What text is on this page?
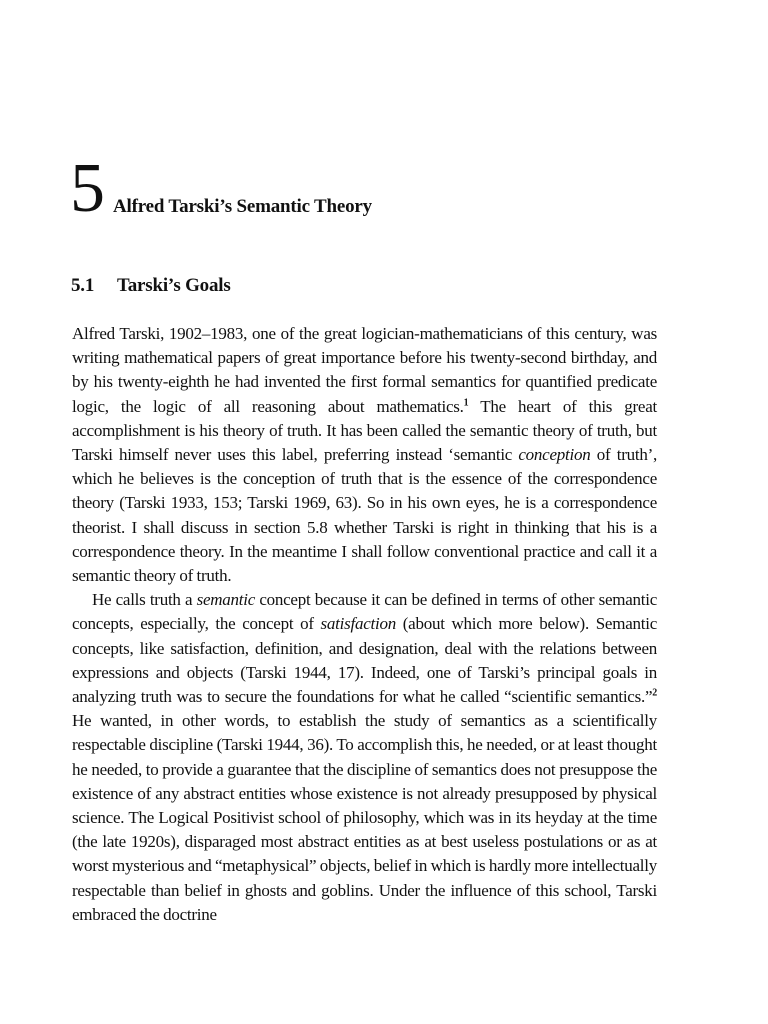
5 Alfred Tarski’s Semantic Theory
5.1 Tarski’s Goals

Alfred Tarski, 1902–1983, one of the great logician-mathematicians of this century, was writing mathematical papers of great importance before his twenty-second birthday, and by his twenty-eighth he had invented the first formal semantics for quantified predicate logic, the logic of all reasoning about mathematics.$^1$ The heart of this great accomplishment is his theory of truth. It has been called the semantic theory of truth, but Tarski himself never uses this label, preferring instead ‘semantic conception of truth’, which he believes is the conception of truth that is the essence of the correspondence theory (Tarski 1933, 153; Tarski 1969, 63). So in his own eyes, he is a correspondence theorist. I shall discuss in section 5.8 whether Tarski is right in thinking that his is a correspondence theory. In the meantime I shall follow conventional practice and call it a semantic theory of truth.

He calls truth a semantic concept because it can be defined in terms of other semantic concepts, especially, the concept of satisfaction (about which more below). Semantic concepts, like satisfaction, definition, and designation, deal with the relations between expressions and objects (Tarski 1944, 17). Indeed, one of Tarski’s principal goals in analyzing truth was to secure the foundations for what he called “scientific semantics.”$^2$ He wanted, in other words, to establish the study of semantics as a scientifically respectable discipline (Tarski 1944, 36). To accomplish this, he needed, or at least thought he needed, to provide a guarantee that the discipline of semantics does not presuppose the existence of any abstract entities whose existence is not already presupposed by physical science. The Logical Positivist school of philosophy, which was in its heyday at the time (the late 1920s), disparaged most abstract entities as at best useless postulations or as at worst mysterious and “metaphysical” objects, belief in which is hardly more intellectually respectable than belief in ghosts and goblins. Under the influence of this school, Tarski embraced the doctrine
